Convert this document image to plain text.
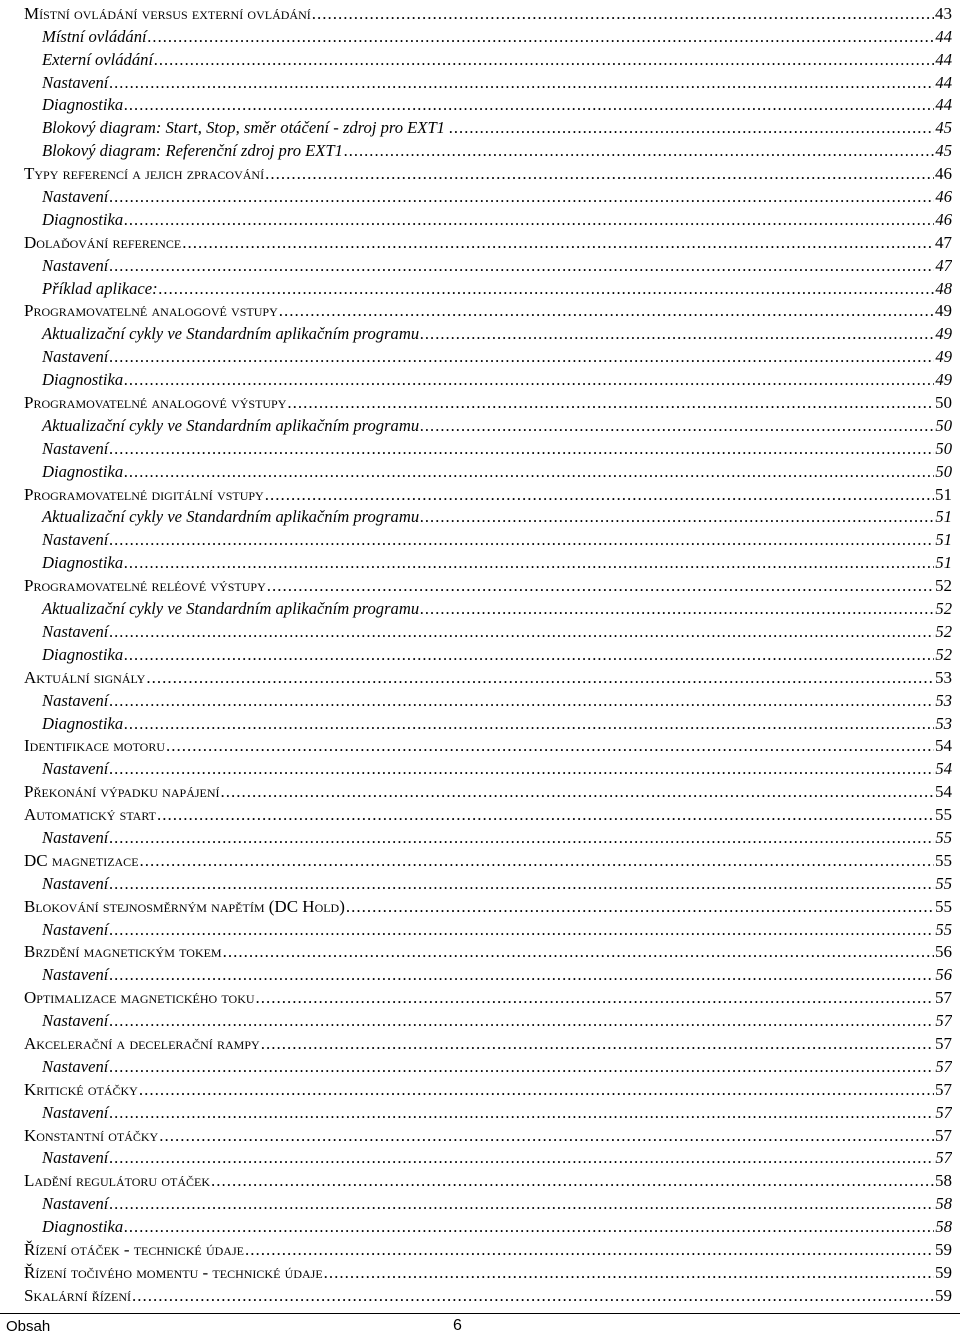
Místní ovládání versus externí ovládání .....	43
Místní ovládání .....	44
Externí ovládání .....	44
Nastavení .....	44
Diagnostika .....	44
Blokový diagram: Start, Stop, směr otáčení - zdroj pro EXT1 . .....	45
Blokový diagram: Referenční zdroj pro EXT1 .....	45
Typy referencí a jejich zpracování .....	46
Nastavení .....	46
Diagnostika .....	46
Dolaďování reference .....	47
Nastavení .....	47
Příklad aplikace: .....	48
Programovatelné analogové vstupy .....	49
Aktualizační cykly ve Standardním aplikačním programu .....	49
Nastavení .....	49
Diagnostika .....	49
Programovatelné analogové výstupy .....	50
Aktualizační cykly ve Standardním aplikačním programu .....	50
Nastavení .....	50
Diagnostika .....	50
Programovatelné digitální vstupy .....	51
Aktualizační cykly ve Standardním aplikačním programu .....	51
Nastavení .....	51
Diagnostika .....	51
Programovatelné reléové výstupy .....	52
Aktualizační cykly ve Standardním aplikačním programu .....	52
Nastavení .....	52
Diagnostika .....	52
Aktuální signály .....	53
Nastavení .....	53
Diagnostika .....	53
Identifikace motoru .....	54
Nastavení .....	54
Překonání výpadku napájení .....	54
Automatický start .....	55
Nastavení .....	55
DC magnetizace .....	55
Nastavení .....	55
Blokování stejnosměrným napětím (DC Hold) .....	55
Nastavení .....	55
Brzdění magnetickým tokem .....	56
Nastavení .....	56
Optimalizace magnetického toku .....	57
Nastavení .....	57
Akcelerační a decelerační rampy .....	57
Nastavení .....	57
Kritické otáčky .....	57
Nastavení .....	57
Konstantní otáčky .....	57
Nastavení .....	57
Ladění regulátoru otáček .....	58
Nastavení .....	58
Diagnostika .....	58
Řízení otáček - technické údaje .....	59
Řízení točivého momentu - technické údaje .....	59
Skalární řízení .....	59
Obsah	6
